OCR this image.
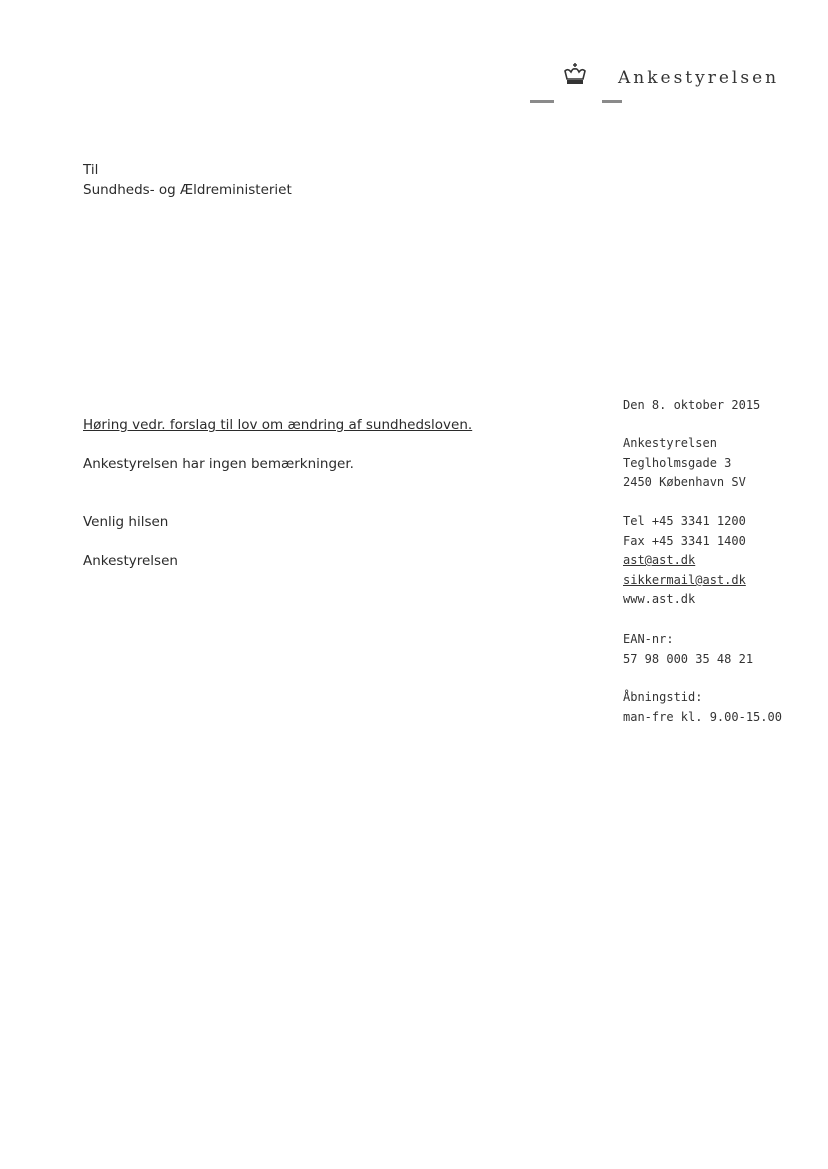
Ankestyrelsen
Til
Sundheds- og Ældreministeriet
Høring vedr. forslag til lov om ændring af sundhedsloven.
Ankestyrelsen har ingen bemærkninger.
Venlig hilsen
Ankestyrelsen
Den 8. oktober 2015
Ankestyrelsen
Teglholmsgade 3
2450 København SV
Tel +45 3341 1200
Fax +45 3341 1400
ast@ast.dk
sikkermail@ast.dk
www.ast.dk
EAN-nr:
57 98 000 35 48 21
Åbningstid:
man-fre kl. 9.00-15.00
